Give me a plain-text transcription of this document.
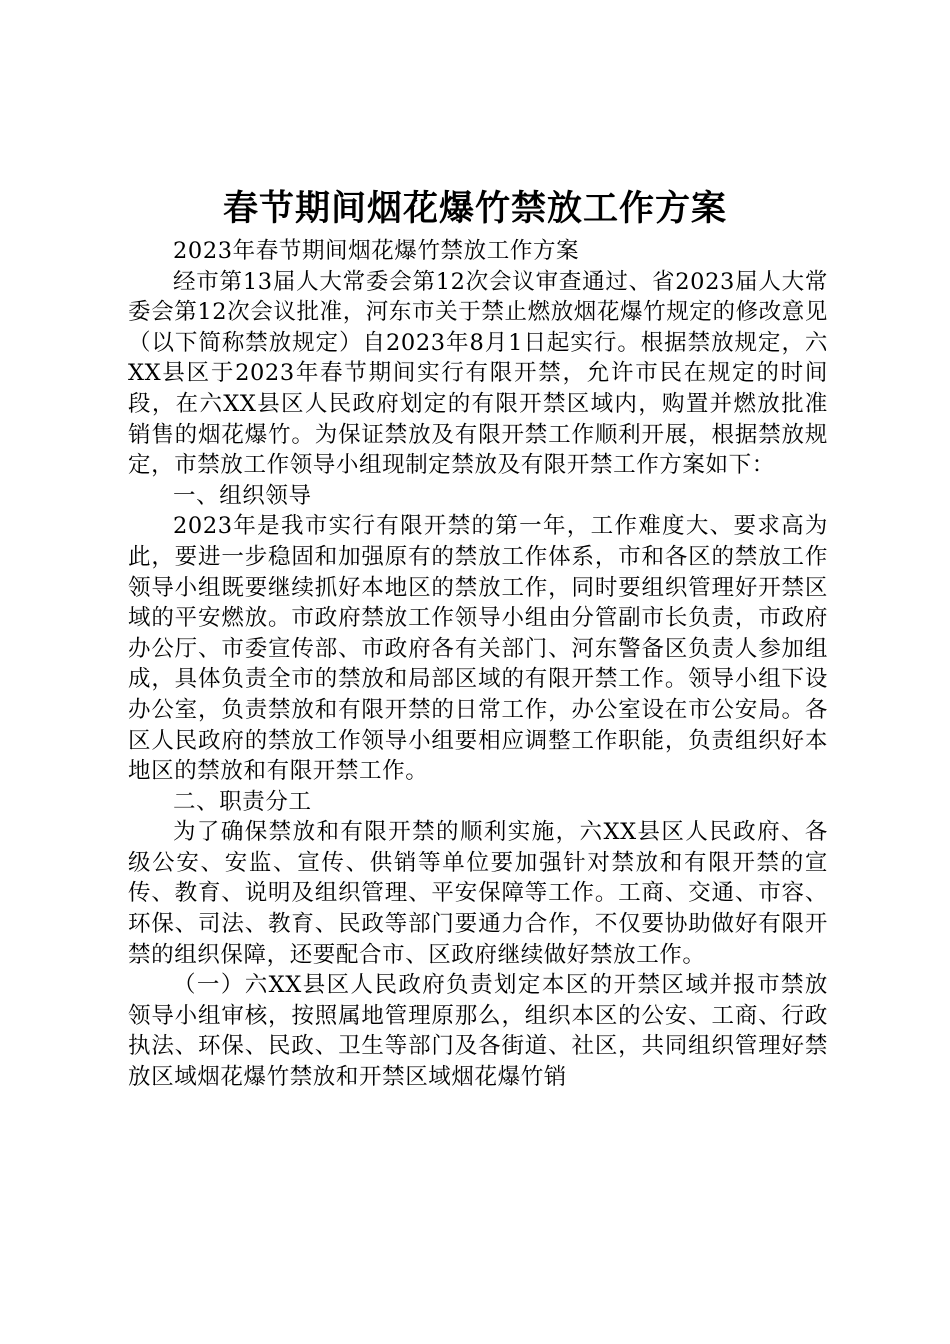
春节期间烟花爆竹禁放工作方案

2023年春节期间烟花爆竹禁放工作方案

经市第13届人大常委会第12次会议审查通过、省2023届人大常委会第12次会议批准，河东市关于禁止燃放烟花爆竹规定的修改意见（以下简称禁放规定）自2023年8月1日起实行。根据禁放规定，六XX县区于2023年春节期间实行有限开禁，允许市民在规定的时间段，在六XX县区人民政府划定的有限开禁区域内，购置并燃放批准销售的烟花爆竹。为保证禁放及有限开禁工作顺利开展，根据禁放规定，市禁放工作领导小组现制定禁放及有限开禁工作方案如下：

一、组织领导

2023年是我市实行有限开禁的第一年，工作难度大、要求高为此，要进一步稳固和加强原有的禁放工作体系，市和各区的禁放工作领导小组既要继续抓好本地区的禁放工作，同时要组织管理好开禁区域的平安燃放。市政府禁放工作领导小组由分管副市长负责，市政府办公厅、市委宣传部、市政府各有关部门、河东警备区负责人参加组成，具体负责全市的禁放和局部区域的有限开禁工作。领导小组下设办公室，负责禁放和有限开禁的日常工作，办公室设在市公安局。各区人民政府的禁放工作领导小组要相应调整工作职能，负责组织好本地区的禁放和有限开禁工作。

二、职责分工

为了确保禁放和有限开禁的顺利实施，六XX县区人民政府、各级公安、安监、宣传、供销等单位要加强针对禁放和有限开禁的宣传、教育、说明及组织管理、平安保障等工作。工商、交通、市容、环保、司法、教育、民政等部门要通力合作，不仅要协助做好有限开禁的组织保障，还要配合市、区政府继续做好禁放工作。

（一）六XX县区人民政府负责划定本区的开禁区域并报市禁放领导小组审核，按照属地管理原那么，组织本区的公安、工商、行政执法、环保、民政、卫生等部门及各街道、社区，共同组织管理好禁放区域烟花爆竹禁放和开禁区域烟花爆竹销
